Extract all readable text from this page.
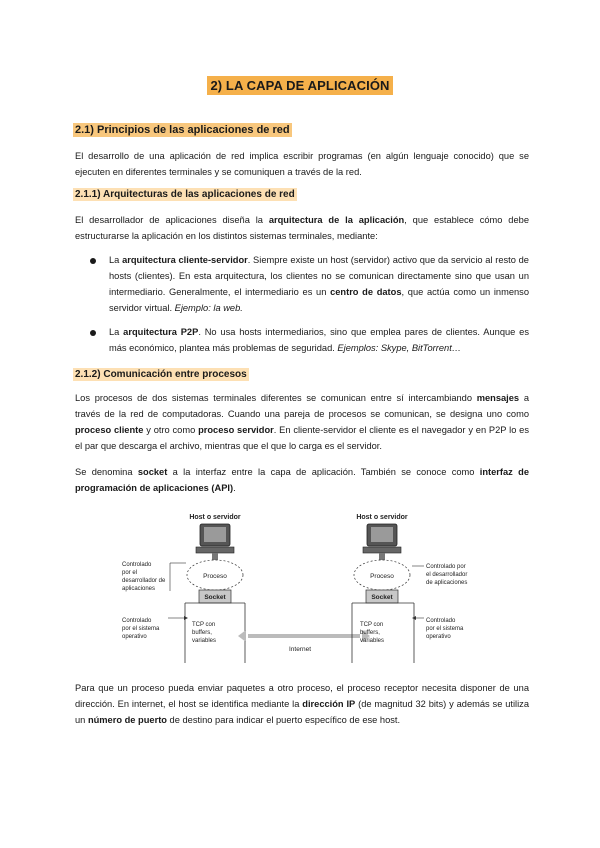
2) LA CAPA DE APLICACIÓN
2.1) Principios de las aplicaciones de red

El desarrollo de una aplicación de red implica escribir programas (en algún lenguaje conocido) que se ejecuten en diferentes terminales y se comuniquen a través de la red.

2.1.1) Arquitecturas de las aplicaciones de red

El desarrollador de aplicaciones diseña la arquitectura de la aplicación, que establece cómo debe estructurarse la aplicación en los distintos sistemas terminales, mediante:

La arquitectura cliente-servidor. Siempre existe un host (servidor) activo que da servicio al resto de hosts (clientes). En esta arquitectura, los clientes no se comunican directamente sino que usan un intermediario. Generalmente, el intermediario es un centro de datos, que actúa como un inmenso servidor virtual. Ejemplo: la web.

La arquitectura P2P. No usa hosts intermediarios, sino que emplea pares de clientes. Aunque es más económico, plantea más problemas de seguridad. Ejemplos: Skype, BitTorrent…

2.1.2) Comunicación entre procesos

Los procesos de dos sistemas terminales diferentes se comunican entre sí intercambiando mensajes a través de la red de computadoras. Cuando una pareja de procesos se comunican, se designa uno como proceso cliente y otro como proceso servidor. En cliente-servidor el cliente es el navegador y en P2P lo es el par que descarga el archivo, mientras que el que lo carga es el servidor.

Se denomina socket a la interfaz entre la capa de aplicación. También se conoce como interfaz de programación de aplicaciones (API).

Host o servidor
Proceso
Socket
TCP con
buffers,
variables
Controlado
por el
desarrollador de
aplicaciones
Controlado
por el sistema
operativo
Internet
Host o servidor
Proceso
Socket
TCP con
buffers,
variables
Controlado por
el desarrollador
de aplicaciones
Controlado
por el sistema
operativo

Para que un proceso pueda enviar paquetes a otro proceso, el proceso receptor necesita disponer de una dirección. En internet, el host se identifica mediante la dirección IP (de magnitud 32 bits) y además se utiliza un número de puerto de destino para indicar el puerto específico de ese host.
